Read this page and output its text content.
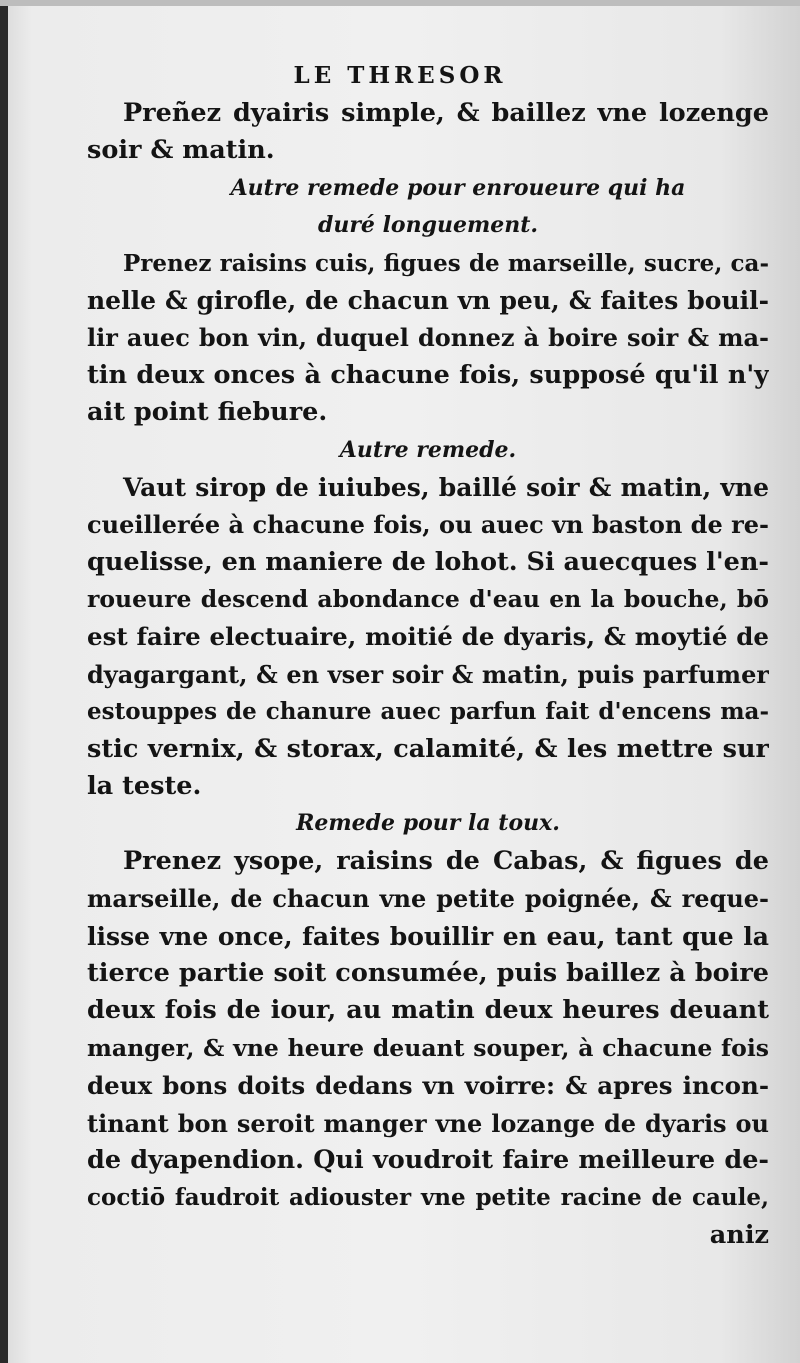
LE THRESOR
Preñez dyairis simple, & baillez vne lozenge
soir & matin.
Autre remede pour enroueure qui ha
duré longuement.
Prenez raisins cuis, figues de marseille, sucre, ca-
nelle & girofle, de chacun vn peu, & faites bouil-
lir auec bon vin, duquel donnez à boire soir & ma-
tin deux onces à chacune fois, supposé qu'il n'y
ait point fiebure.
Autre remede.
Vaut sirop de iuiubes, baillé soir & matin, vne
cueillerée à chacune fois, ou auec vn baston de re-
quelisse, en maniere de lohot. Si auecques l'en-
roueure descend abondance d'eau en la bouche, bō
est faire electuaire, moitié de dyaris, & moytié de
dyagargant, & en vser soir & matin, puis parfumer
estouppes de chanure auec parfun fait d'encens ma-
stic vernix, & storax, calamité, & les mettre sur
la teste.
Remede pour la toux.
Prenez ysope, raisins de Cabas, & figues de
marseille, de chacun vne petite poignée, & reque-
lisse vne once, faites bouillir en eau, tant que la
tierce partie soit consumée, puis baillez à boire
deux fois de iour, au matin deux heures deuant
manger, & vne heure deuant souper, à chacune fois
deux bons doits dedans vn voirre: & apres incon-
tinant bon seroit manger vne lozange de dyaris ou
de dyapendion. Qui voudroit faire meilleure de-
coctiō faudroit adiouster vne petite racine de caule,
aniz
